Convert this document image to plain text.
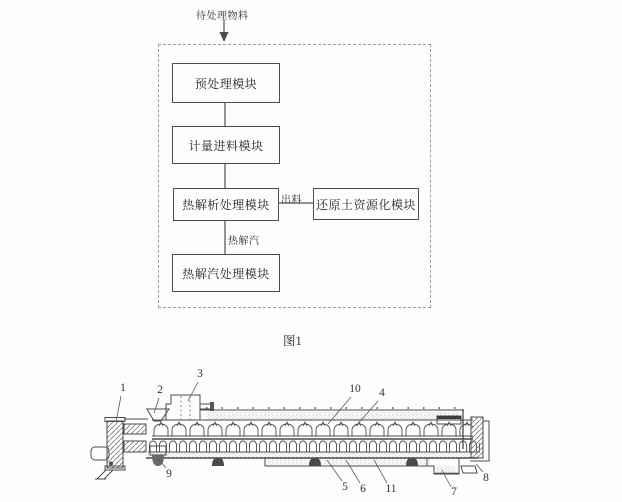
待处理物料
预处理模块
计量进料模块
热解析处理模块	还原土资源化模块
热解汽处理模块
出料
热解汽
图1
1	2
3
10	4
9
5	6	11	7
8
